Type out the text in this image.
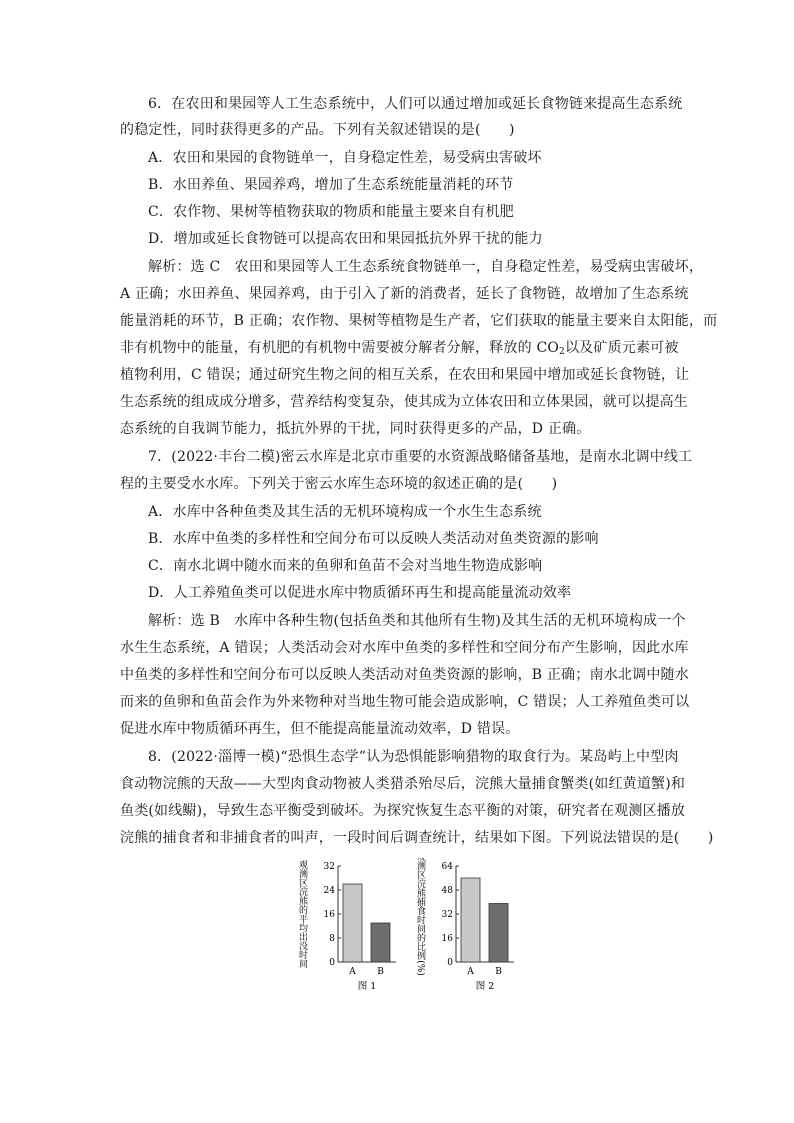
6．在农田和果园等人工生态系统中，人们可以通过增加或延长食物链来提高生态系统
的稳定性，同时获得更多的产品。下列有关叙述错误的是(　　)
A．农田和果园的食物链单一，自身稳定性差，易受病虫害破坏
B．水田养鱼、果园养鸡，增加了生态系统能量消耗的环节
C．农作物、果树等植物获取的物质和能量主要来自有机肥
D．增加或延长食物链可以提高农田和果园抵抗外界干扰的能力
解析：选 C　农田和果园等人工生态系统食物链单一，自身稳定性差，易受病虫害破坏，
A 正确；水田养鱼、果园养鸡，由于引入了新的消费者，延长了食物链，故增加了生态系统
能量消耗的环节，B 正确；农作物、果树等植物是生产者，它们获取的能量主要来自太阳能，而
非有机物中的能量，有机肥的有机物中需要被分解者分解，释放的 $CO_2$以及矿质元素可被
植物利用，C 错误；通过研究生物之间的相互关系，在农田和果园中增加或延长食物链，让
生态系统的组成成分增多，营养结构变复杂，使其成为立体农田和立体果园，就可以提高生
态系统的自我调节能力，抵抗外界的干扰，同时获得更多的产品，D 正确。
7．(2022·丰台二模)密云水库是北京市重要的水资源战略储备基地，是南水北调中线工
程的主要受水水库。下列关于密云水库生态环境的叙述正确的是(　　)
A．水库中各种鱼类及其生活的无机环境构成一个水生生态系统
B．水库中鱼类的多样性和空间分布可以反映人类活动对鱼类资源的影响
C．南水北调中随水而来的鱼卵和鱼苗不会对当地生物造成影响
D．人工养殖鱼类可以促进水库中物质循环再生和提高能量流动效率
解析：选 B　水库中各种生物(包括鱼类和其他所有生物)及其生活的无机环境构成一个
水生生态系统，A 错误；人类活动会对水库中鱼类的多样性和空间分布产生影响，因此水库
中鱼类的多样性和空间分布可以反映人类活动对鱼类资源的影响，B 正确；南水北调中随水
而来的鱼卵和鱼苗会作为外来物种对当地生物可能会造成影响，C 错误；人工养殖鱼类可以
促进水库中物质循环再生，但不能提高能量流动效率，D 错误。
8．(2022·淄博一模)“恐惧生态学”认为恐惧能影响猎物的取食行为。某岛屿上中型肉
食动物浣熊的天敌——大型肉食动物被人类猎杀殆尽后，浣熊大量捕食蟹类(如红黄道蟹)和
鱼类(如线鳚)，导致生态平衡受到破坏。为探究恢复生态平衡的对策，研究者在观测区播放
浣熊的捕食者和非捕食者的叫声，一段时间后调查统计，结果如下图。下列说法错误的是(　　)
观测区浣熊的平均出没时间 0
8
16
24
32
A B
图 1
观测区浣熊捕食时间的比例(%) 0
16
32
48
64
A B
图 2
